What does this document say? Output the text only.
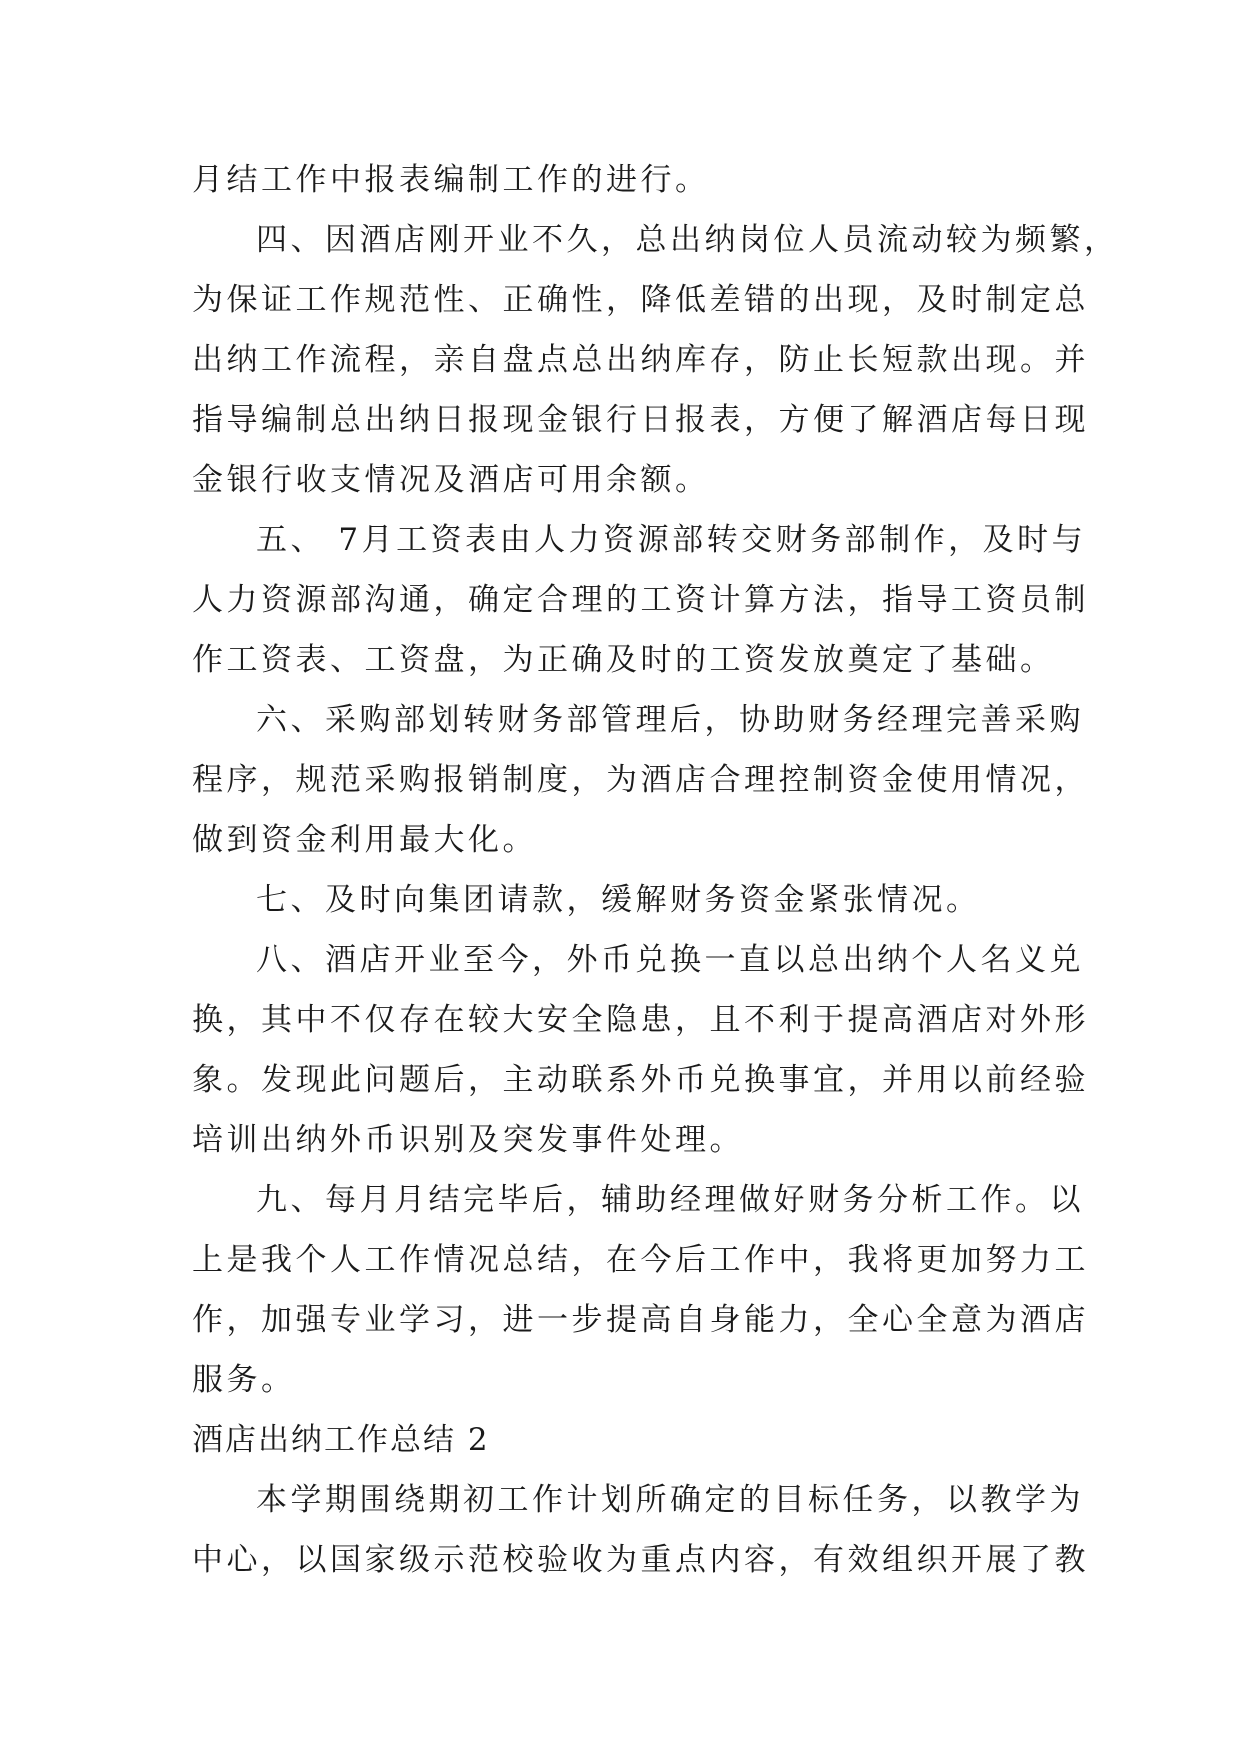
月结工作中报表编制工作的进行。
四、因酒店刚开业不久，总出纳岗位人员流动较为频繁，
为保证工作规范性、正确性，降低差错的出现，及时制定总
出纳工作流程，亲自盘点总出纳库存，防止长短款出现。并
指导编制总出纳日报现金银行日报表，方便了解酒店每日现
金银行收支情况及酒店可用余额。
五、 7月工资表由人力资源部转交财务部制作，及时与
人力资源部沟通，确定合理的工资计算方法，指导工资员制
作工资表、工资盘，为正确及时的工资发放奠定了基础。
六、采购部划转财务部管理后，协助财务经理完善采购
程序，规范采购报销制度，为酒店合理控制资金使用情况，
做到资金利用最大化。
七、及时向集团请款，缓解财务资金紧张情况。
八、酒店开业至今，外币兑换一直以总出纳个人名义兑
换，其中不仅存在较大安全隐患，且不利于提高酒店对外形
象。发现此问题后，主动联系外币兑换事宜，并用以前经验
培训出纳外币识别及突发事件处理。
九、每月月结完毕后，辅助经理做好财务分析工作。以
上是我个人工作情况总结，在今后工作中，我将更加努力工
作，加强专业学习，进一步提高自身能力，全心全意为酒店
服务。
酒店出纳工作总结 2
本学期围绕期初工作计划所确定的目标任务，以教学为
中心，以国家级示范校验收为重点内容，有效组织开展了教
